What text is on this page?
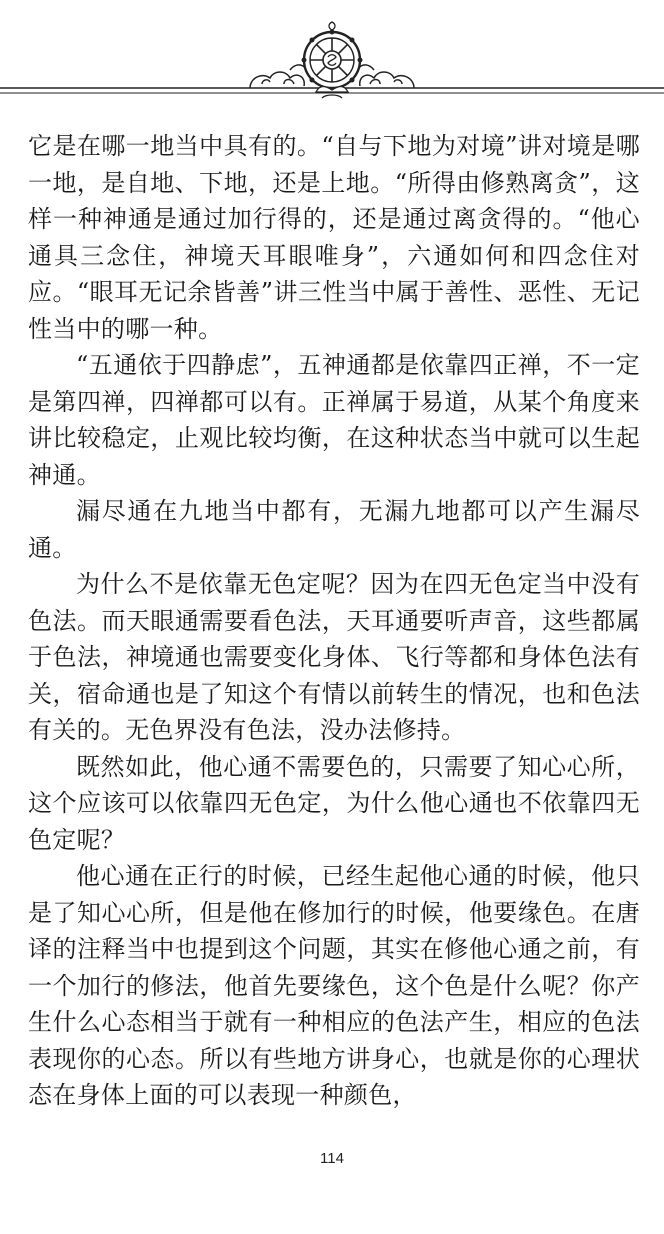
它是在哪一地当中具有的。“自与下地为对境”讲对境是哪一地，是自地、下地，还是上地。“所得由修熟离贪”，这样一种神通是通过加行得的，还是通过离贪得的。“他心通具三念住，神境天耳眼唯身”，六通如何和四念住对应。“眼耳无记余皆善”讲三性当中属于善性、恶性、无记性当中的哪一种。

“五通依于四静虑”，五神通都是依靠四正禅，不一定是第四禅，四禅都可以有。正禅属于易道，从某个角度来讲比较稳定，止观比较均衡，在这种状态当中就可以生起神通。

漏尽通在九地当中都有，无漏九地都可以产生漏尽通。

为什么不是依靠无色定呢？因为在四无色定当中没有色法。而天眼通需要看色法，天耳通要听声音，这些都属于色法，神境通也需要变化身体、飞行等都和身体色法有关，宿命通也是了知这个有情以前转生的情况，也和色法有关的。无色界没有色法，没办法修持。

既然如此，他心通不需要色的，只需要了知心心所，这个应该可以依靠四无色定，为什么他心通也不依靠四无色定呢？

他心通在正行的时候，已经生起他心通的时候，他只是了知心心所，但是他在修加行的时候，他要缘色。在唐译的注释当中也提到这个问题，其实在修他心通之前，有一个加行的修法，他首先要缘色，这个色是什么呢？你产生什么心态相当于就有一种相应的色法产生，相应的色法表现你的心态。所以有些地方讲身心，也就是你的心理状态在身体上面的可以表现一种颜色，

114
